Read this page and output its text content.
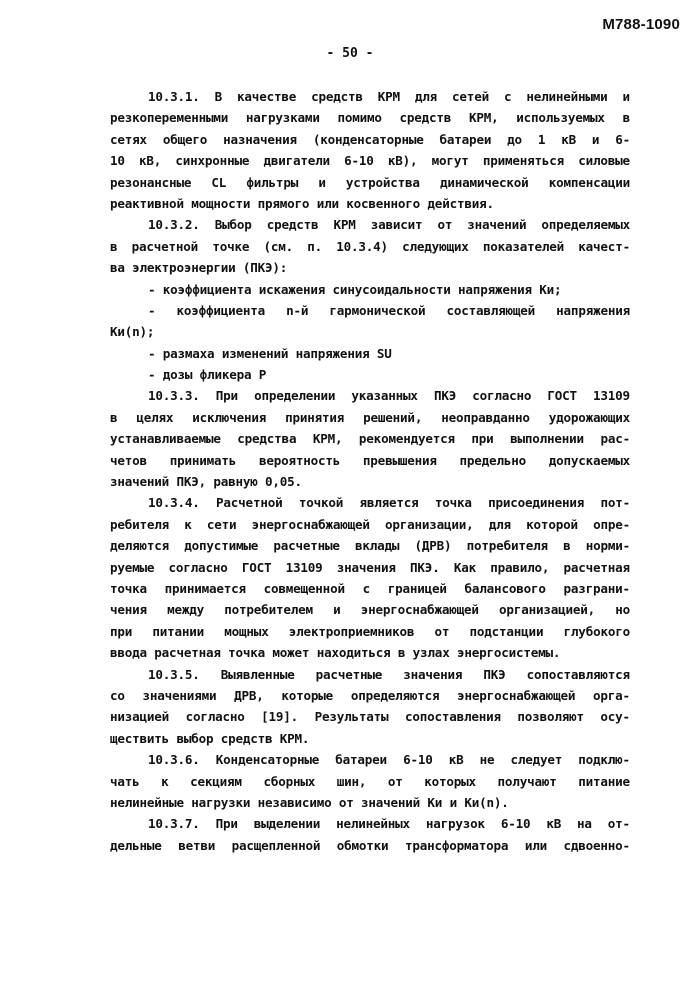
M788-1090
- 50 -
10.3.1. В качестве средств КРМ для сетей с нелинейными и
резкопеременными нагрузками помимо средств КРМ, используемых в
сетях общего назначения (конденсаторные батареи до 1 кВ и 6-
10 кВ, синхронные двигатели 6-10 кВ), могут применяться силовые
резонансные CL фильтры и устройства динамической компенсации
реактивной мощности прямого или косвенного действия.
10.3.2. Выбор средств КРМ зависит от значений определяемых
в расчетной точке (см. п. 10.3.4) следующих показателей качест-
ва электроэнергии (ПКЭ):
- коэффициента искажения синусоидальности напряжения Ки;
- коэффициента n-й гармонической составляющей напряжения
Ки(n);
- размаха изменений напряжения SU
- дозы фликера Р
10.3.3. При определении указанных ПКЭ согласно ГОСТ 13109
в целях исключения принятия решений, неоправданно удорожающих
устанавливаемые средства КРМ, рекомендуется при выполнении рас-
четов принимать вероятность превышения предельно допускаемых
значений ПКЭ, равную 0,05.
10.3.4. Расчетной точкой является точка присоединения пот-
ребителя к сети энергоснабжающей организации, для которой опре-
деляются допустимые расчетные вклады (ДРВ) потребителя в норми-
руемые согласно ГОСТ 13109 значения ПКЭ. Как правило, расчетная
точка принимается совмещенной с границей балансового разграни-
чения между потребителем и энергоснабжающей организацией, но
при питании мощных электроприемников от подстанции глубокого
ввода расчетная точка может находиться в узлах энергосистемы.
10.3.5. Выявленные расчетные значения ПКЭ сопоставляются
со значениями ДРВ, которые определяются энергоснабжающей орга-
низацией согласно [19]. Результаты сопоставления позволяют осу-
ществить выбор средств КРМ.
10.3.6. Конденсаторные батареи 6-10 кВ не следует подклю-
чать к секциям сборных шин, от которых получают питание
нелинейные нагрузки независимо от значений Ки и Ки(n).
10.3.7. При выделении нелинейных нагрузок 6-10 кВ на от-
дельные ветви расщепленной обмотки трансформатора или сдвоенно-
